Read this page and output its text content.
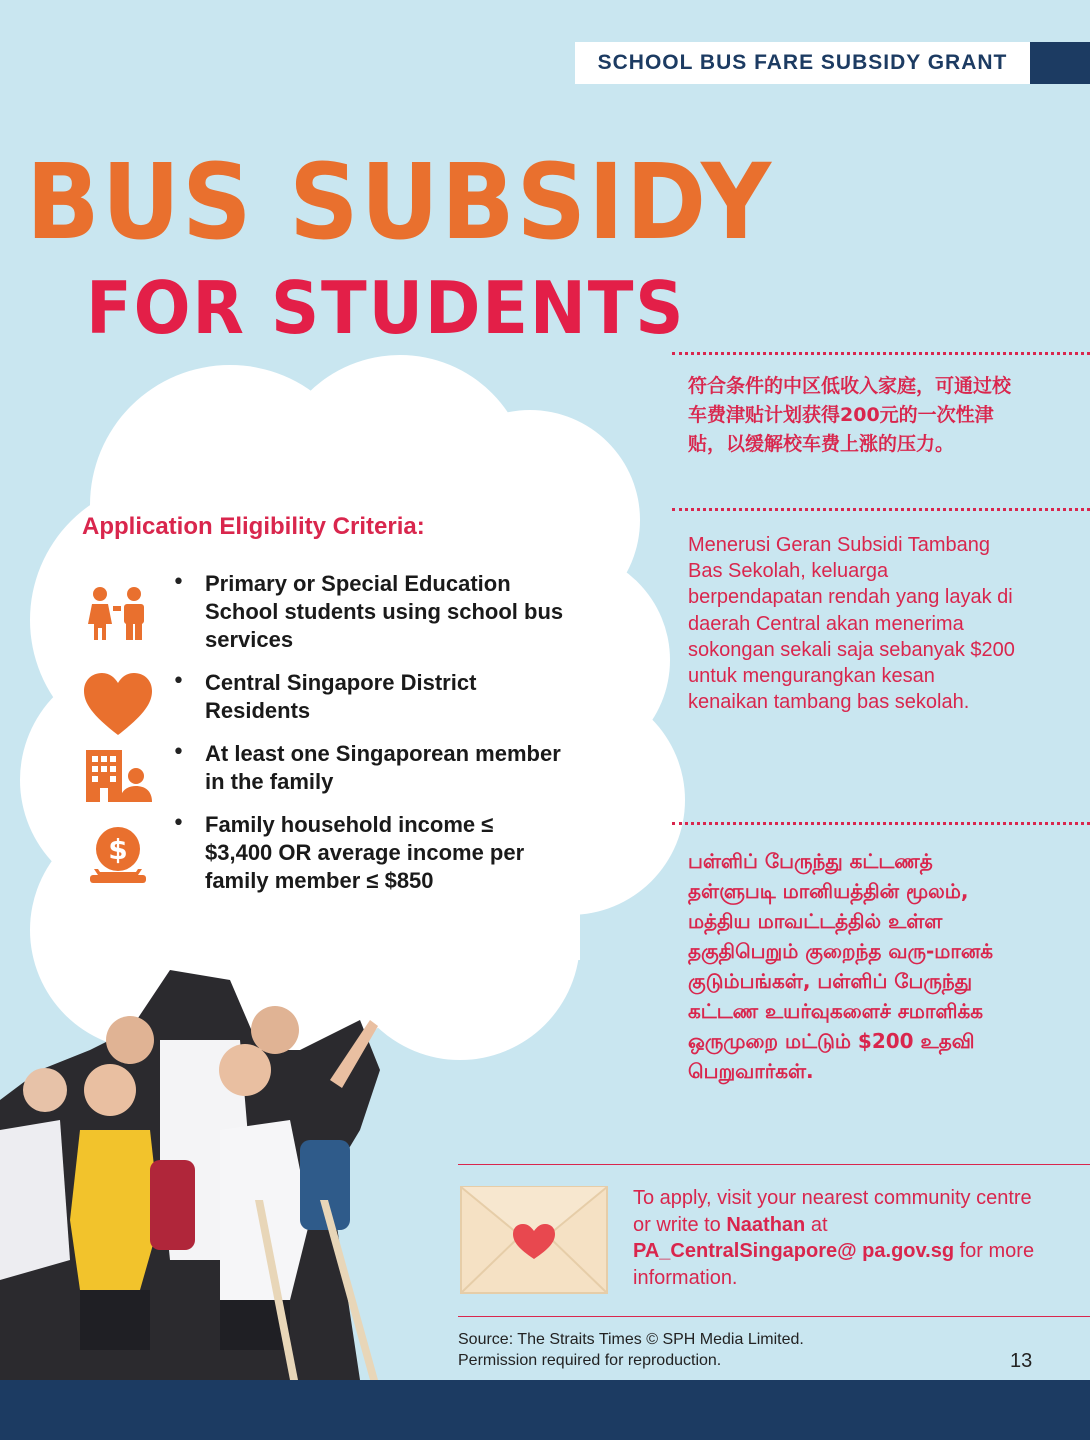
SCHOOL BUS FARE SUBSIDY GRANT
BUS SUBSIDY
FOR STUDENTS
Application Eligibility Criteria:
• Primary or Special Education School students using school bus services
• Central Singapore District Residents
• At least one Singaporean member in the family
$
• Family household income ≤ $3,400 OR average income per family member ≤ $850
符合条件的中区低收入家庭，可通过校车费津贴计划获得200元的一次性津贴，以缓解校车费上涨的压力。
Menerusi Geran Subsidi Tambang Bas Sekolah, keluarga berpendapatan rendah yang layak di daerah Central akan menerima sokongan sekali saja sebanyak $200 untuk mengurangkan kesan kenaikan tambang bas sekolah.
பள்ளிப் பேருந்து கட்டணத் தள்ளுபடி மானியத்தின் மூலம், மத்திய மாவட்டத்தில் உள்ள தகுதிபெறும் குறைந்த வரு-மானக் குடும்பங்கள், பள்ளிப் பேருந்து கட்டண உயர்வுகளைச் சமாளிக்க ஒருமுறை மட்டும் $200 உதவி பெறுவார்கள்.
To apply, visit your nearest community centre or write to Naathan at PA_CentralSingapore@ pa.gov.sg for more information.
Source: The Straits Times © SPH Media Limited.
Permission required for reproduction.	13
